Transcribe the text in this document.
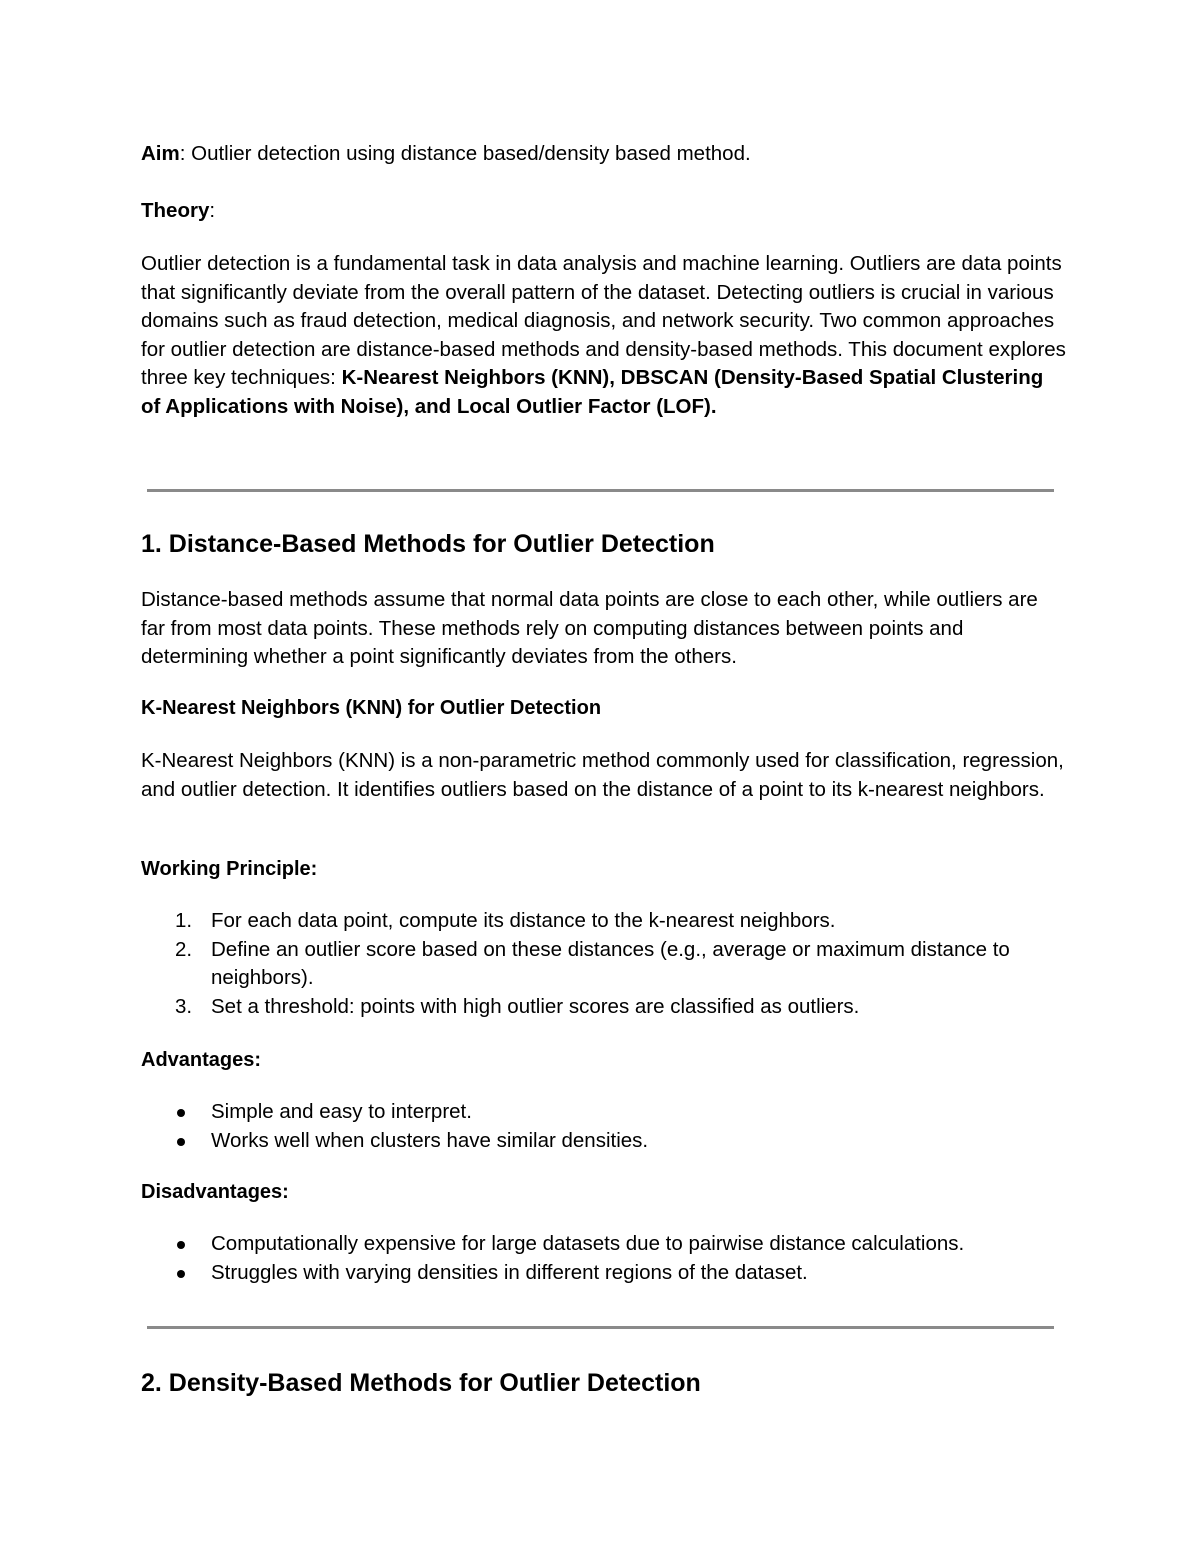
Aim: Outlier detection using distance based/density based method.

Theory:

Outlier detection is a fundamental task in data analysis and machine learning. Outliers are data points that significantly deviate from the overall pattern of the dataset. Detecting outliers is crucial in various domains such as fraud detection, medical diagnosis, and network security. Two common approaches for outlier detection are distance-based methods and density-based methods. This document explores three key techniques: K-Nearest Neighbors (KNN), DBSCAN (Density-Based Spatial Clustering of Applications with Noise), and Local Outlier Factor (LOF).

1. Distance-Based Methods for Outlier Detection

Distance-based methods assume that normal data points are close to each other, while outliers are far from most data points. These methods rely on computing distances between points and determining whether a point significantly deviates from the others.

K-Nearest Neighbors (KNN) for Outlier Detection

K-Nearest Neighbors (KNN) is a non-parametric method commonly used for classification, regression, and outlier detection. It identifies outliers based on the distance of a point to its k-nearest neighbors.

Working Principle:
1. For each data point, compute its distance to the k-nearest neighbors.
2. Define an outlier score based on these distances (e.g., average or maximum distance to neighbors).
3. Set a threshold: points with high outlier scores are classified as outliers.
Advantages:
Simple and easy to interpret.
Works well when clusters have similar densities.
Disadvantages:
Computationally expensive for large datasets due to pairwise distance calculations.
Struggles with varying densities in different regions of the dataset.
2. Density-Based Methods for Outlier Detection
